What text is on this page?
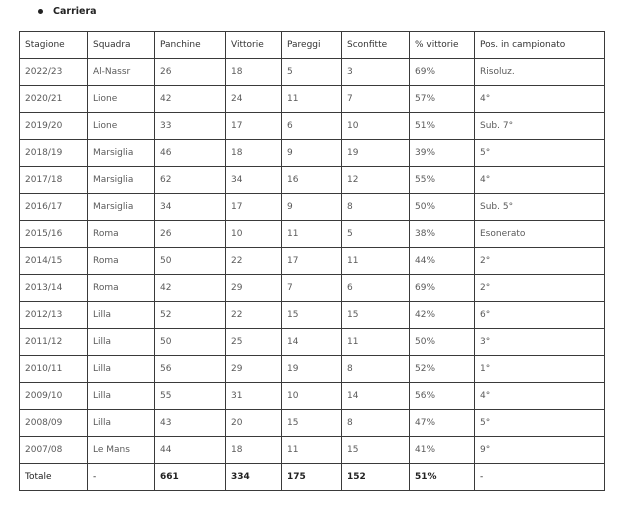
Carriera
Stagione	Squadra	Panchine	Vittorie	Pareggi	Sconfitte	% vittorie	Pos. in campionato
2022/23	Al-Nassr	26	18	5	3	69%	Risoluz.
2020/21	Lione	42	24	11	7	57%	4°
2019/20	Lione	33	17	6	10	51%	Sub. 7°
2018/19	Marsiglia	46	18	9	19	39%	5°
2017/18	Marsiglia	62	34	16	12	55%	4°
2016/17	Marsiglia	34	17	9	8	50%	Sub. 5°
2015/16	Roma	26	10	11	5	38%	Esonerato
2014/15	Roma	50	22	17	11	44%	2°
2013/14	Roma	42	29	7	6	69%	2°
2012/13	Lilla	52	22	15	15	42%	6°
2011/12	Lilla	50	25	14	11	50%	3°
2010/11	Lilla	56	29	19	8	52%	1°
2009/10	Lilla	55	31	10	14	56%	4°
2008/09	Lilla	43	20	15	8	47%	5°
2007/08	Le Mans	44	18	11	15	41%	9°
Totale	-	661	334	175	152	51%	-
